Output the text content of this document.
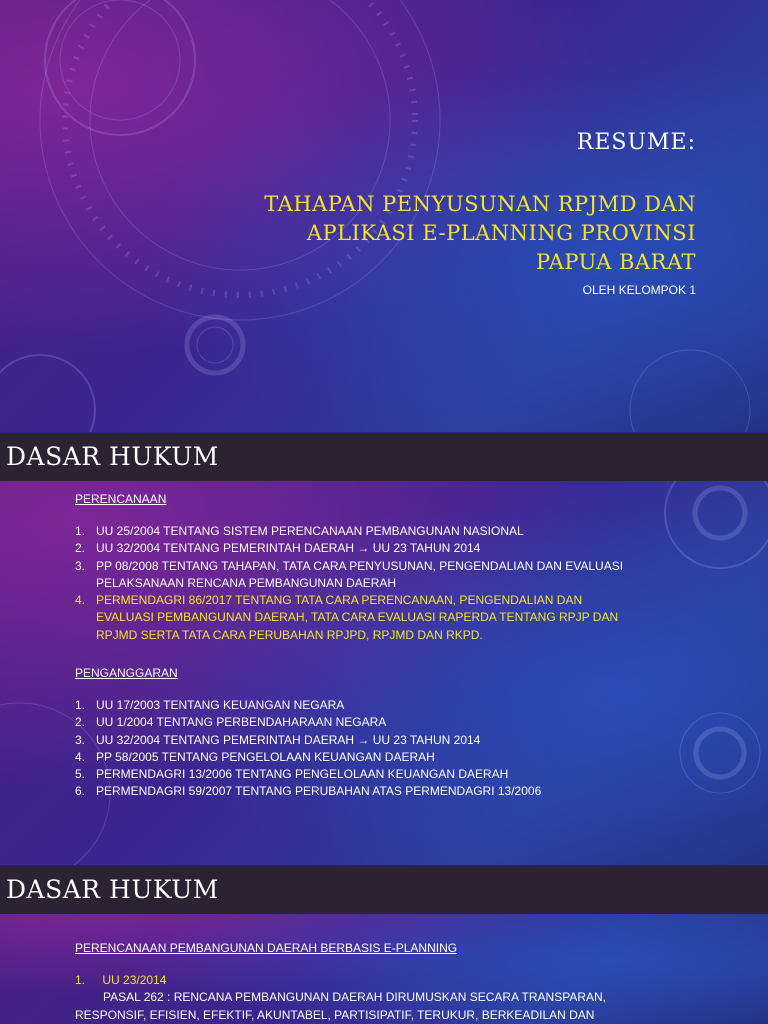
RESUME:
TAHAPAN PENYUSUNAN RPJMD DAN
APLIKASI E-PLANNING PROVINSI
PAPUA BARAT
OLEH KELOMPOK 1
DASAR HUKUM

PERENCANAAN

1. UU 25/2004 TENTANG SISTEM PERENCANAAN PEMBANGUNAN NASIONAL
2. UU 32/2004 TENTANG PEMERINTAH DAERAH → UU 23 TAHUN 2014
3. PP 08/2008 TENTANG TAHAPAN, TATA CARA PENYUSUNAN, PENGENDALIAN DAN EVALUASI
PELAKSANAAN RENCANA PEMBANGUNAN DAERAH
4. PERMENDAGRI 86/2017 TENTANG TATA CARA PERENCANAAN, PENGENDALIAN DAN
EVALUASI PEMBANGUNAN DAERAH, TATA CARA EVALUASI RAPERDA TENTANG RPJP DAN
RPJMD SERTA TATA CARA PERUBAHAN RPJPD, RPJMD DAN RKPD.

PENGANGGARAN

1. UU 17/2003 TENTANG KEUANGAN NEGARA
2. UU 1/2004 TENTANG PERBENDAHARAAN NEGARA
3. UU 32/2004 TENTANG PEMERINTAH DAERAH → UU 23 TAHUN 2014
4. PP 58/2005 TENTANG PENGELOLAAN KEUANGAN DAERAH
5. PERMENDAGRI 13/2006 TENTANG PENGELOLAAN KEUANGAN DAERAH
6. PERMENDAGRI 59/2007 TENTANG PERUBAHAN ATAS PERMENDAGRI 13/2006
DASAR HUKUM

PERENCANAAN PEMBANGUNAN DAERAH BERBASIS E-PLANNING

1. UU 23/2014
PASAL 262 : RENCANA PEMBANGUNAN DAERAH DIRUMUSKAN SECARA TRANSPARAN,
RESPONSIF, EFISIEN, EFEKTIF, AKUNTABEL, PARTISIPATIF, TERUKUR, BERKEADILAN DAN
